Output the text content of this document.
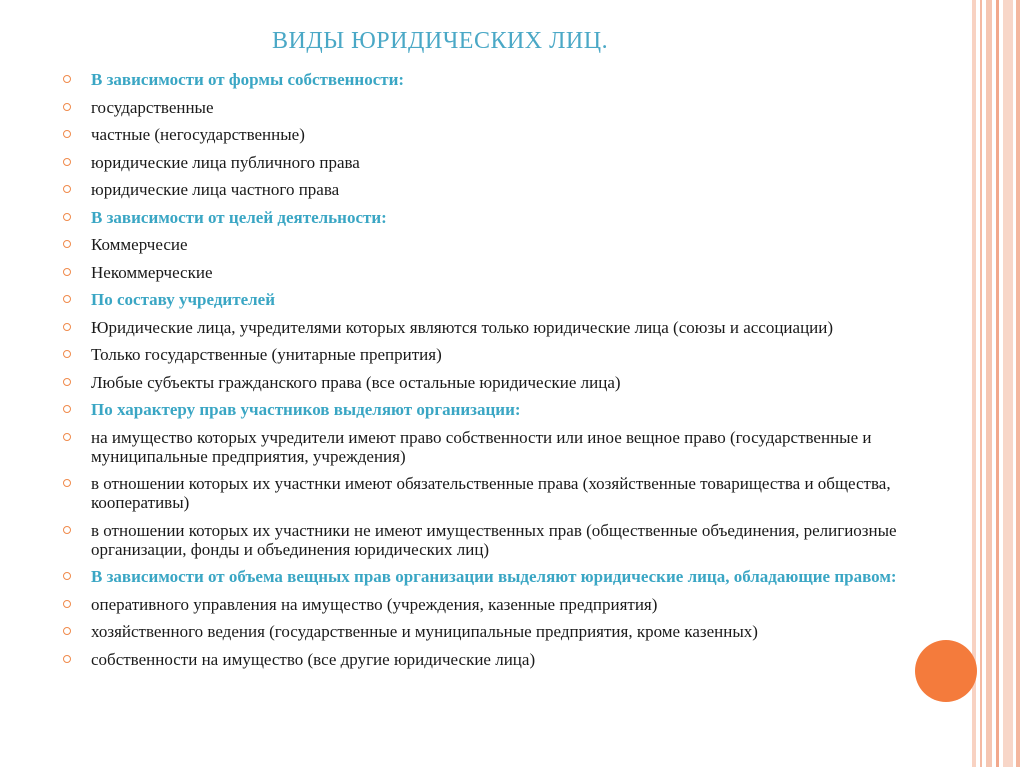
ВИДЫ ЮРИДИЧЕСКИХ ЛИЦ.
В зависимости от формы собственности:
государственные
частные (негосударственные)
юридические лица публичного права
юридические лица частного права
В зависимости от целей деятельности:
Коммерчесие
Некоммерческие
По составу учредителей
Юридические лица, учредителями которых являются только юридические лица (союзы и ассоциации)
Только государственные (унитарные препрития)
Любые субъекты гражданского права (все остальные юридические лица)
По характеру прав участников выделяют организации:
на имущество которых учредители имеют право собственности или иное вещное право (государственные и муниципальные предприятия, учреждения)
в отношении которых их участнки имеют обязательственные права (хозяйственные товарищества и общества, кооперативы)
в отношении которых их участники не имеют имущественных прав (общественные объединения, религиозные организации, фонды и объединения юридических лиц)
В зависимости от объема вещных прав организации выделяют юридические лица, обладающие правом:
оперативного управления на имущество (учреждения, казенные предприятия)
хозяйственного ведения (государственные и муниципальные предприятия, кроме казенных)
собственности на имущество (все другие юридические лица)
